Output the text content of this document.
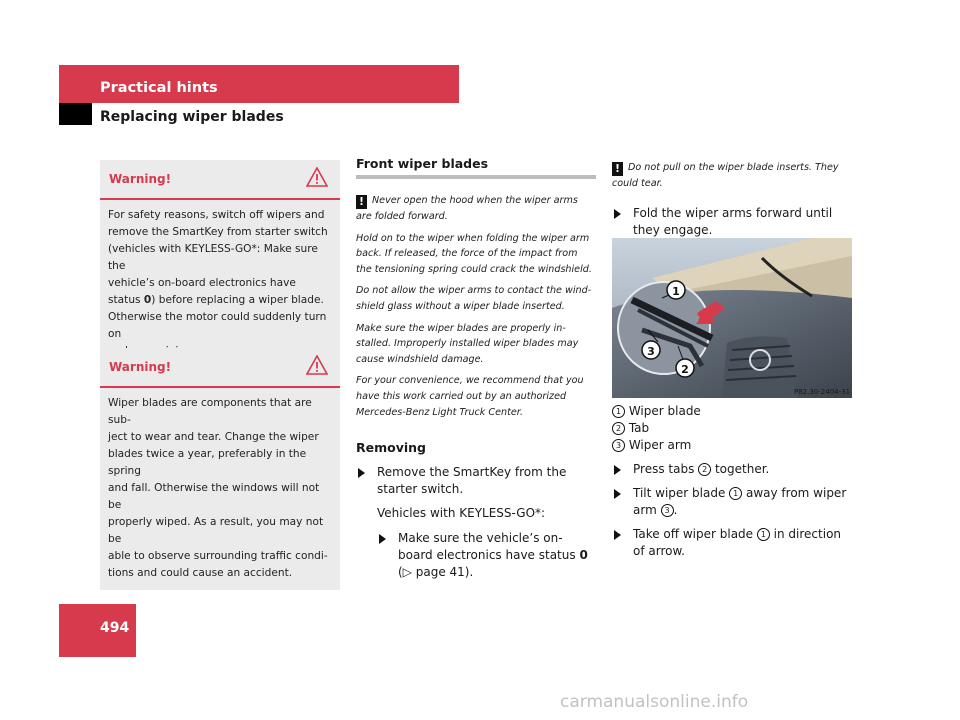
Practical hints
Replacing wiper blades
Warning!
For safety reasons, switch off wipers and
remove the SmartKey from starter switch
(vehicles with KEYLESS-GO*: Make sure the
vehicle’s on-board electronics have
status 0) before replacing a wiper blade.
Otherwise the motor could suddenly turn on
Warning!
Wiper blades are components that are sub-
ject to wear and tear. Change the wiper
blades twice a year, preferably in the spring
and fall. Otherwise the windows will not be
properly wiped. As a result, you may not be
able to observe surrounding traffic condi-
tions and could cause an accident.
Front wiper blades

! Never open the hood when the wiper arms are folded forward.

Hold on to the wiper when folding the wiper arm back. If released, the force of the impact from the tensioning spring could crack the windshield.

Do not allow the wiper arms to contact the wind-shield glass without a wiper blade inserted.

Make sure the wiper blades are properly in-stalled. Improperly installed wiper blades may cause windshield damage.

For your convenience, we recommend that you have this work carried out by an authorized Mercedes-Benz Light Truck Center.

Removing
Remove the SmartKey from the starter switch.
Vehicles with KEYLESS-GO*:
Make sure the vehicle’s on-board electronics have status 0
(▷ page 41).

! Do not pull on the wiper blade inserts. They could tear.

Fold the wiper arms forward until they engage.
1
2
3
P82.30-2404-31
1 Wiper blade
2 Tab
3 Wiper arm
Press tabs 2 together.
Tilt wiper blade 1 away from wiper arm 3 .
Take off wiper blade 1 in direction of arrow.
494
carmanualsonline.info
